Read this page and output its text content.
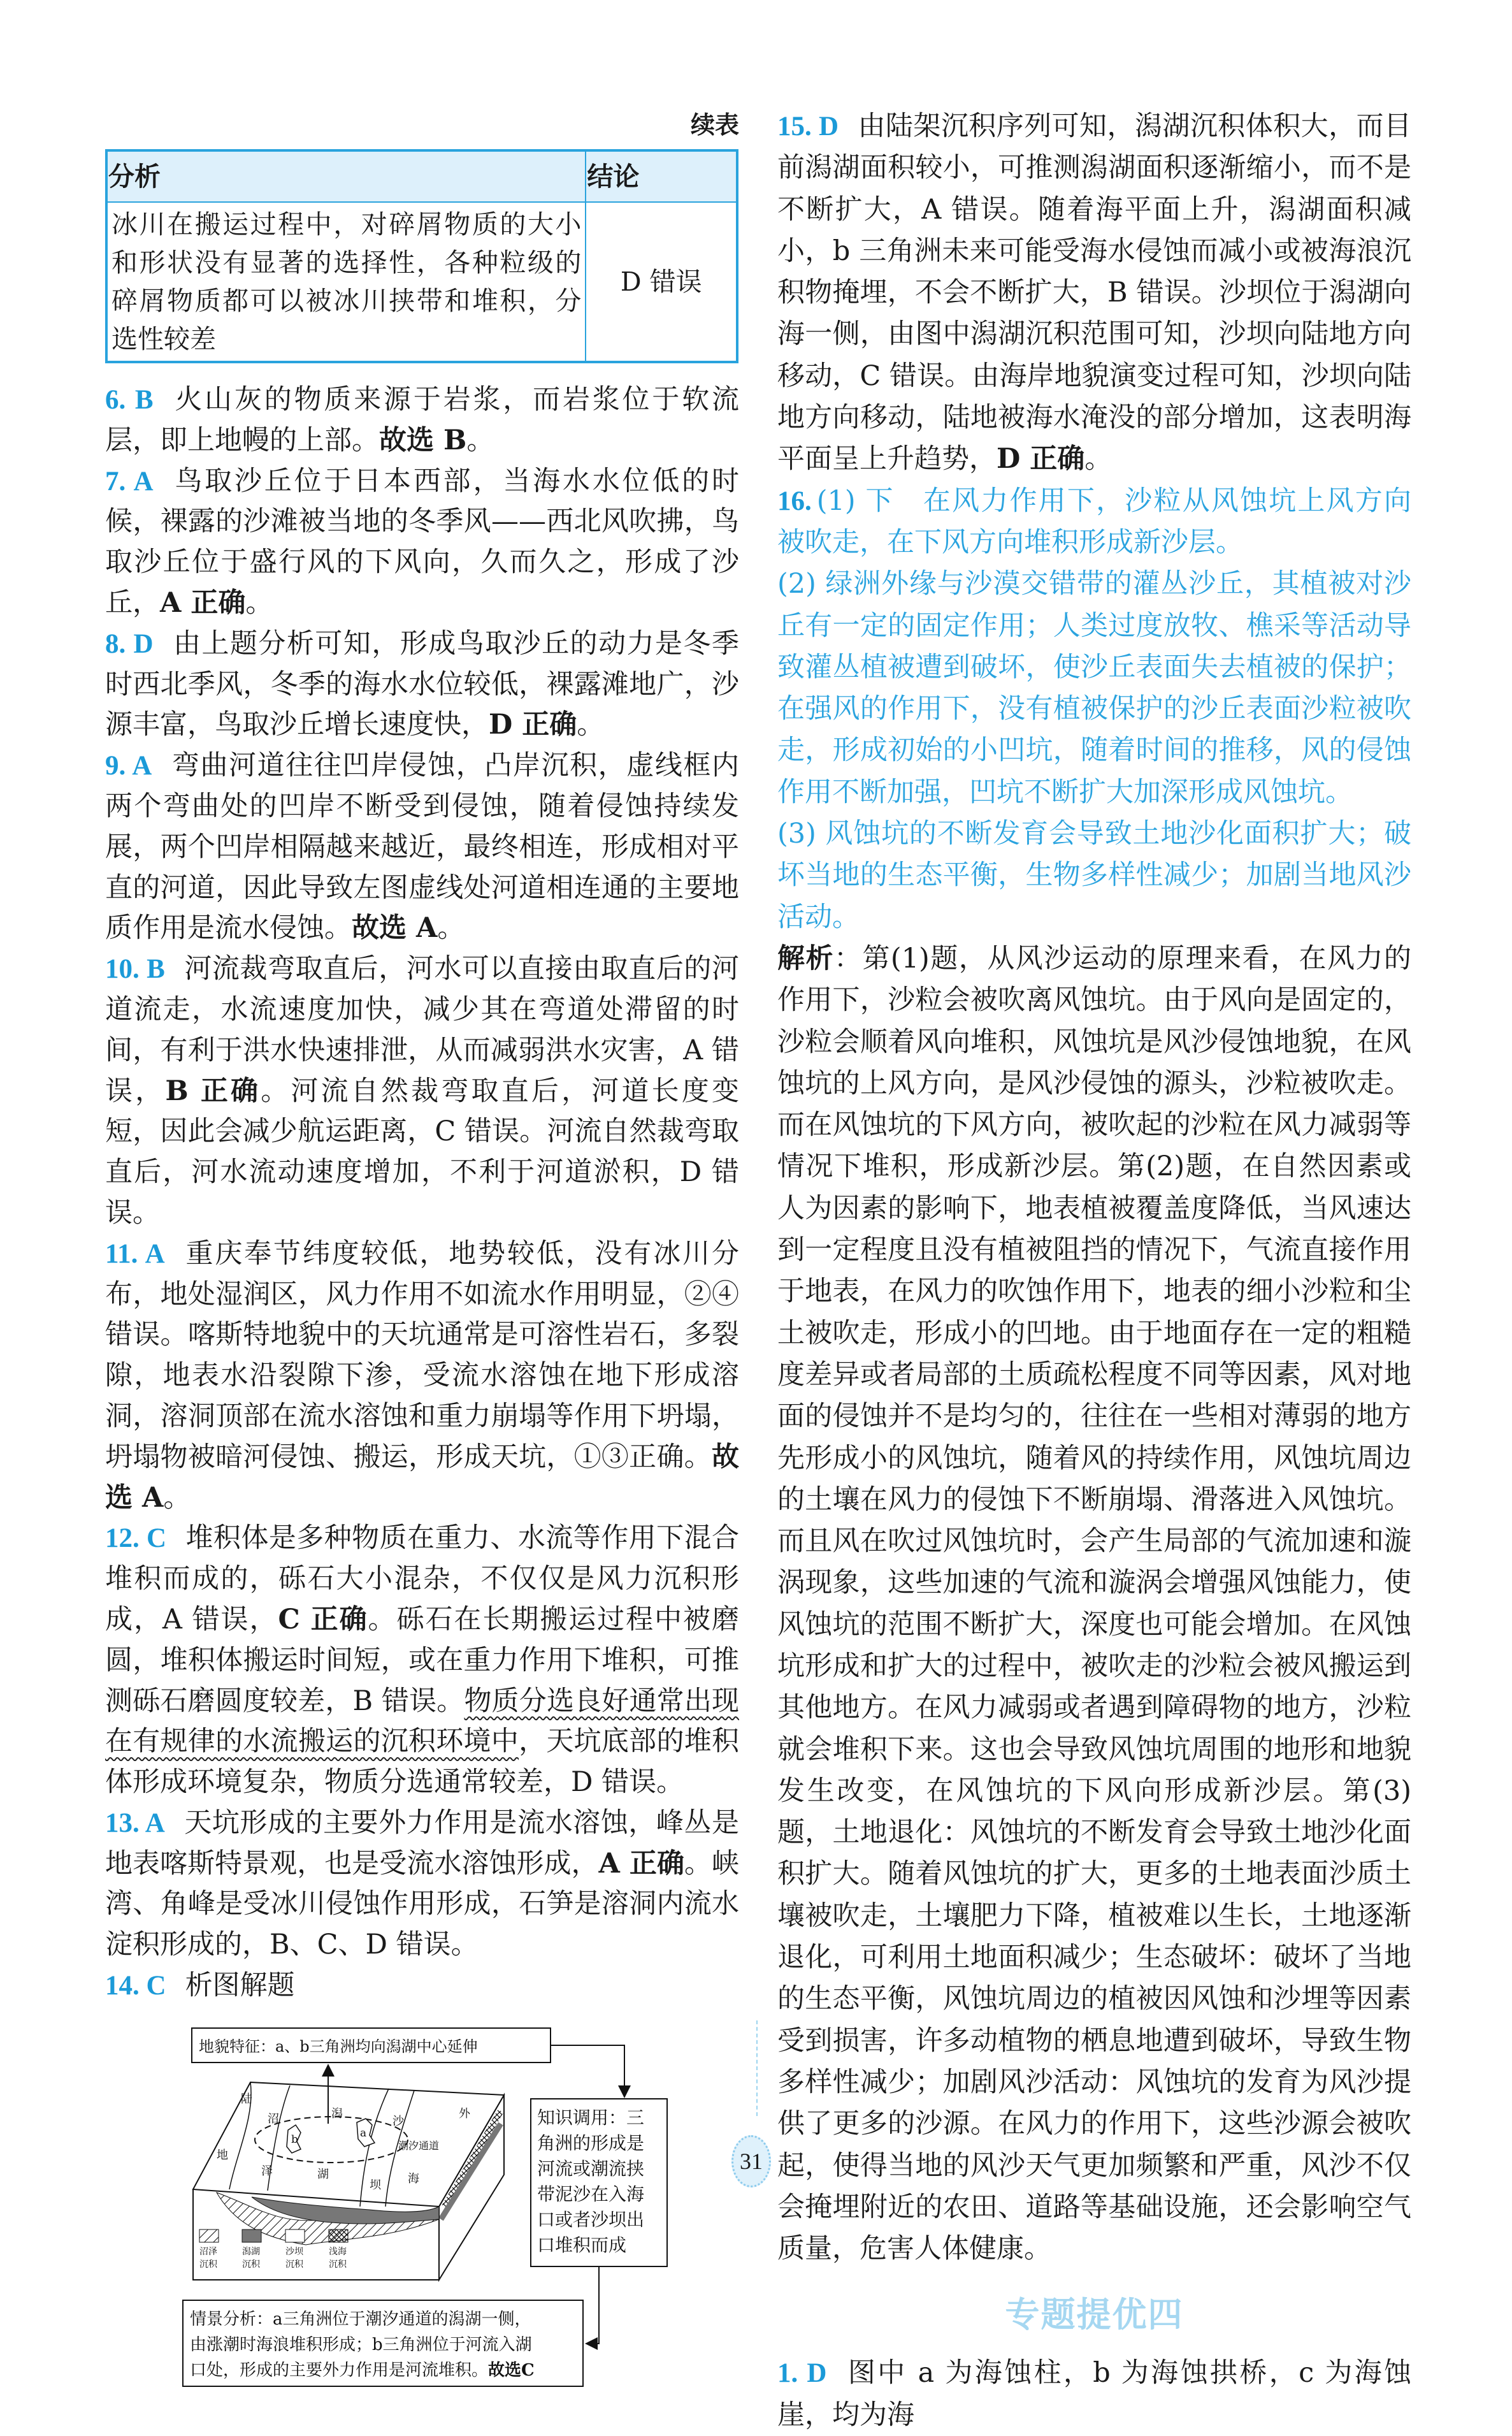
续表
分析	结论
冰川在搬运过程中，对碎屑物质的大小和形状没有显著的选择性，各种粒级的碎屑物质都可以被冰川挟带和堆积，分选性较差	D 错误

6. B 火山灰的物质来源于岩浆，而岩浆位于软流层，即上地幔的上部。故选 B。

7. A 鸟取沙丘位于日本西部，当海水水位低的时候，裸露的沙滩被当地的冬季风——西北风吹拂，鸟取沙丘位于盛行风的下风向，久而久之，形成了沙丘，A 正确。

8. D 由上题分析可知，形成鸟取沙丘的动力是冬季时西北季风，冬季的海水水位较低，裸露滩地广，沙源丰富，鸟取沙丘增长速度快，D 正确。

9. A 弯曲河道往往凹岸侵蚀，凸岸沉积，虚线框内两个弯曲处的凹岸不断受到侵蚀，随着侵蚀持续发展，两个凹岸相隔越来越近，最终相连，形成相对平直的河道，因此导致左图虚线处河道相连通的主要地质作用是流水侵蚀。故选 A。

10. B 河流裁弯取直后，河水可以直接由取直后的河道流走，水流速度加快，减少其在弯道处滞留的时间，有利于洪水快速排泄，从而减弱洪水灾害，A 错误，B 正确。河流自然裁弯取直后，河道长度变短，因此会减少航运距离，C 错误。河流自然裁弯取直后，河水流动速度增加，不利于河道淤积，D 错误。

11. A 重庆奉节纬度较低，地势较低，没有冰川分布，地处湿润区，风力作用不如流水作用明显，②④错误。喀斯特地貌中的天坑通常是可溶性岩石，多裂隙，地表水沿裂隙下渗，受流水溶蚀在地下形成溶洞，溶洞顶部在流水溶蚀和重力崩塌等作用下坍塌，坍塌物被暗河侵蚀、搬运，形成天坑，①③正确。故选 A。

12. C 堆积体是多种物质在重力、水流等作用下混合堆积而成的，砾石大小混杂，不仅仅是风力沉积形成，A 错误，C 正确。砾石在长期搬运过程中被磨圆，堆积体搬运时间短，或在重力作用下堆积，可推测砾石磨圆度较差，B 错误。物质分选良好通常出现在有规律的水流搬运的沉积环境中，天坑底部的堆积体形成环境复杂，物质分选通常较差，D 错误。

13. A 天坑形成的主要外力作用是流水溶蚀，峰丛是地表喀斯特景观，也是受流水溶蚀形成，A 正确。峡湾、角峰是受冰川侵蚀作用形成，石笋是溶洞内流水淀积形成的，B、C、D 错误。

14. C 析图解题

地貌特征：a、b三角洲均向潟湖中心延伸
陆
沼
地
泽
潟
湖
外
海
沙
坝
a
b	潮汐通道
沼泽
沉积
潟湖
沉积
沙坝
沉积
浅海
沉积
知识调用：三
角洲的形成是
河流或潮流挟
带泥沙在入海
口或者沙坝出
口堆积而成
情景分析：a三角洲位于潮汐通道的潟湖一侧，
由涨潮时海浪堆积形成；b三角洲位于河流入湖
口处，形成的主要外力作用是河流堆积。故选C

15. D 由陆架沉积序列可知，潟湖沉积体积大，而目前潟湖面积较小，可推测潟湖面积逐渐缩小，而不是不断扩大，A 错误。随着海平面上升，潟湖面积减小，b 三角洲未来可能受海水侵蚀而减小或被海浪沉积物掩埋，不会不断扩大，B 错误。沙坝位于潟湖向海一侧，由图中潟湖沉积范围可知，沙坝向陆地方向移动，C 错误。由海岸地貌演变过程可知，沙坝向陆地方向移动，陆地被海水淹没的部分增加，这表明海平面呈上升趋势，D 正确。

16. (1) 下　在风力作用下，沙粒从风蚀坑上风方向被吹走，在下风方向堆积形成新沙层。

(2) 绿洲外缘与沙漠交错带的灌丛沙丘，其植被对沙丘有一定的固定作用；人类过度放牧、樵采等活动导致灌丛植被遭到破坏，使沙丘表面失去植被的保护；在强风的作用下，没有植被保护的沙丘表面沙粒被吹走，形成初始的小凹坑，随着时间的推移，风的侵蚀作用不断加强，凹坑不断扩大加深形成风蚀坑。

(3) 风蚀坑的不断发育会导致土地沙化面积扩大；破坏当地的生态平衡，生物多样性减少；加剧当地风沙活动。

解析：第(1)题，从风沙运动的原理来看，在风力的作用下，沙粒会被吹离风蚀坑。由于风向是固定的，沙粒会顺着风向堆积，风蚀坑是风沙侵蚀地貌，在风蚀坑的上风方向，是风沙侵蚀的源头，沙粒被吹走。而在风蚀坑的下风方向，被吹起的沙粒在风力减弱等情况下堆积，形成新沙层。第(2)题，在自然因素或人为因素的影响下，地表植被覆盖度降低，当风速达到一定程度且没有植被阻挡的情况下，气流直接作用于地表，在风力的吹蚀作用下，地表的细小沙粒和尘土被吹走，形成小的凹地。由于地面存在一定的粗糙度差异或者局部的土质疏松程度不同等因素，风对地面的侵蚀并不是均匀的，往往在一些相对薄弱的地方先形成小的风蚀坑，随着风的持续作用，风蚀坑周边的土壤在风力的侵蚀下不断崩塌、滑落进入风蚀坑。而且风在吹过风蚀坑时，会产生局部的气流加速和漩涡现象，这些加速的气流和漩涡会增强风蚀能力，使风蚀坑的范围不断扩大，深度也可能会增加。在风蚀坑形成和扩大的过程中，被吹走的沙粒会被风搬运到其他地方。在风力减弱或者遇到障碍物的地方，沙粒就会堆积下来。这也会导致风蚀坑周围的地形和地貌发生改变，在风蚀坑的下风向形成新沙层。第(3)题，土地退化：风蚀坑的不断发育会导致土地沙化面积扩大。随着风蚀坑的扩大，更多的土地表面沙质土壤被吹走，土壤肥力下降，植被难以生长，土地逐渐退化，可利用土地面积减少；生态破坏：破坏了当地的生态平衡，风蚀坑周边的植被因风蚀和沙埋等因素受到损害，许多动植物的栖息地遭到破坏，导致生物多样性减少；加剧风沙活动：风蚀坑的发育为风沙提供了更多的沙源。在风力的作用下，这些沙源会被吹起，使得当地的风沙天气更加频繁和严重，风沙不仅会掩埋附近的农田、道路等基础设施，还会影响空气质量，危害人体健康。

专题提优四

1. D 图中 a 为海蚀柱，b 为海蚀拱桥，c 为海蚀崖，均为海

31
